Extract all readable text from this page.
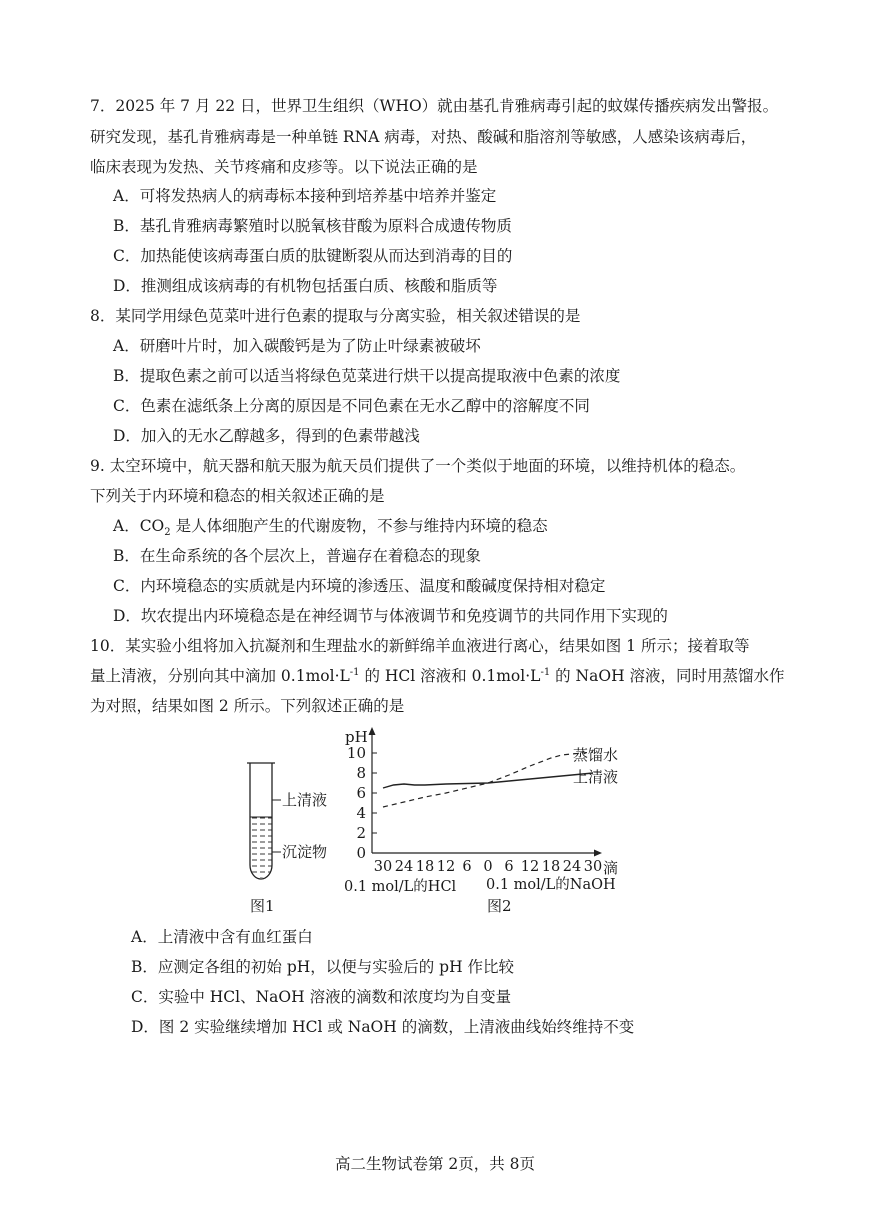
7．2025 年 7 月 22 日，世界卫生组织（WHO）就由基孔肯雅病毒引起的蚊媒传播疾病发出警报。
研究发现，基孔肯雅病毒是一种单链 RNA 病毒，对热、酸碱和脂溶剂等敏感，人感染该病毒后，
临床表现为发热、关节疼痛和皮疹等。以下说法正确的是
A．可将发热病人的病毒标本接种到培养基中培养并鉴定
B．基孔肯雅病毒繁殖时以脱氧核苷酸为原料合成遗传物质
C．加热能使该病毒蛋白质的肽键断裂从而达到消毒的目的
D．推测组成该病毒的有机物包括蛋白质、核酸和脂质等
8．某同学用绿色苋菜叶进行色素的提取与分离实验，相关叙述错误的是
A．研磨叶片时，加入碳酸钙是为了防止叶绿素被破坏
B．提取色素之前可以适当将绿色苋菜进行烘干以提高提取液中色素的浓度
C．色素在滤纸条上分离的原因是不同色素在无水乙醇中的溶解度不同
D．加入的无水乙醇越多，得到的色素带越浅
9. 太空环境中，航天器和航天服为航天员们提供了一个类似于地面的环境，以维持机体的稳态。
下列关于内环境和稳态的相关叙述正确的是
A．$CO_2$ 是人体细胞产生的代谢废物，不参与维持内环境的稳态
B．在生命系统的各个层次上，普遍存在着稳态的现象
C．内环境稳态的实质就是内环境的渗透压、温度和酸碱度保持相对稳定
D．坎农提出内环境稳态是在神经调节与体液调节和免疫调节的共同作用下实现的
10．某实验小组将加入抗凝剂和生理盐水的新鲜绵羊血液进行离心，结果如图 1 所示；接着取等
量上清液，分别向其中滴加 $0.1mol\cdot L^{-1}$ 的 HCl 溶液和 $0.1mol\cdot L^{-1}$ 的 NaOH 溶液，同时用蒸馏水作
为对照，结果如图 2 所示。下列叙述正确的是
上清液
沉淀物
图1
pH
滴
0
2
4
6
8
10
30 24 18 12 6 0 6 12 18 24 30
蒸馏水
上清液
0.1 mol/L的HCl 0.1 mol/L的NaOH
图2
A．上清液中含有血红蛋白
B．应测定各组的初始 pH，以便与实验后的 pH 作比较
C．实验中 HCl、NaOH 溶液的滴数和浓度均为自变量
D．图 2 实验继续增加 HCl 或 NaOH 的滴数，上清液曲线始终维持不变
高二生物试卷第 2页，共 8页
